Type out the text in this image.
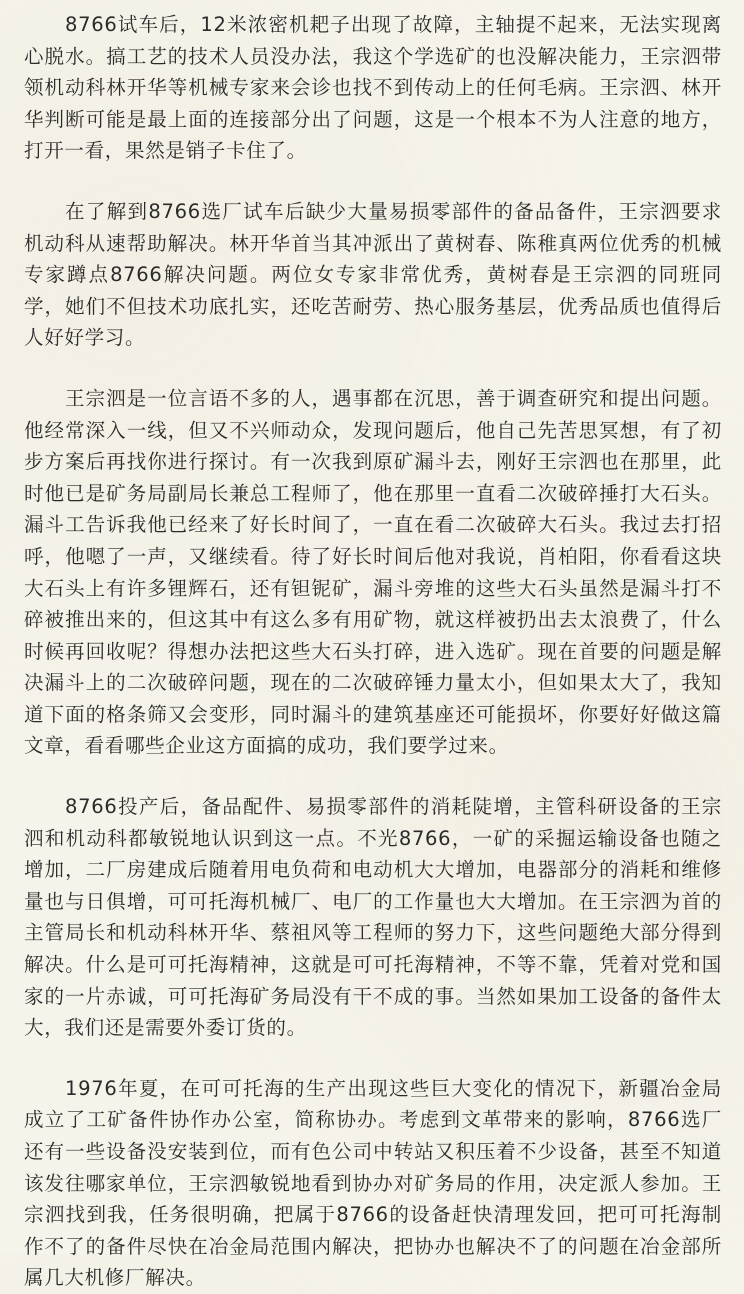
8766试车后，12米浓密机耙子出现了故障，主轴提不起来，无法实现离心脱水。搞工艺的技术人员没办法，我这个学选矿的也没解决能力，王宗泗带领机动科林开华等机械专家来会诊也找不到传动上的任何毛病。王宗泗、林开华判断可能是最上面的连接部分出了问题，这是一个根本不为人注意的地方，打开一看，果然是销子卡住了。

在了解到8766选厂试车后缺少大量易损零部件的备品备件，王宗泗要求机动科从速帮助解决。林开华首当其冲派出了黄树春、陈稚真两位优秀的机械专家蹲点8766解决问题。两位女专家非常优秀，黄树春是王宗泗的同班同学，她们不但技术功底扎实，还吃苦耐劳、热心服务基层，优秀品质也值得后人好好学习。

王宗泗是一位言语不多的人，遇事都在沉思，善于调查研究和提出问题。他经常深入一线，但又不兴师动众，发现问题后，他自己先苦思冥想，有了初步方案后再找你进行探讨。有一次我到原矿漏斗去，刚好王宗泗也在那里，此时他已是矿务局副局长兼总工程师了，他在那里一直看二次破碎捶打大石头。漏斗工告诉我他已经来了好长时间了，一直在看二次破碎大石头。我过去打招呼，他嗯了一声，又继续看。待了好长时间后他对我说，肖柏阳，你看看这块大石头上有许多锂辉石，还有钽铌矿，漏斗旁堆的这些大石头虽然是漏斗打不碎被推出来的，但这其中有这么多有用矿物，就这样被扔出去太浪费了，什么时候再回收呢？得想办法把这些大石头打碎，进入选矿。现在首要的问题是解决漏斗上的二次破碎问题，现在的二次破碎锤力量太小，但如果太大了，我知道下面的格条筛又会变形，同时漏斗的建筑基座还可能损坏，你要好好做这篇文章，看看哪些企业这方面搞的成功，我们要学过来。

8766投产后，备品配件、易损零部件的消耗陡增，主管科研设备的王宗泗和机动科都敏锐地认识到这一点。不光8766，一矿的采掘运输设备也随之增加，二厂房建成后随着用电负荷和电动机大大增加，电器部分的消耗和维修量也与日俱增，可可托海机械厂、电厂的工作量也大大增加。在王宗泗为首的主管局长和机动科林开华、蔡祖风等工程师的努力下，这些问题绝大部分得到解决。什么是可可托海精神，这就是可可托海精神，不等不靠，凭着对党和国家的一片赤诚，可可托海矿务局没有干不成的事。当然如果加工设备的备件太大，我们还是需要外委订货的。

1976年夏，在可可托海的生产出现这些巨大变化的情况下，新疆冶金局成立了工矿备件协作办公室，简称协办。考虑到文革带来的影响，8766选厂还有一些设备没安装到位，而有色公司中转站又积压着不少设备，甚至不知道该发往哪家单位，王宗泗敏锐地看到协办对矿务局的作用，决定派人参加。王宗泗找到我，任务很明确，把属于8766的设备赶快清理发回，把可可托海制作不了的备件尽快在冶金局范围内解决，把协办也解决不了的问题在冶金部所属几大机修厂解决。
